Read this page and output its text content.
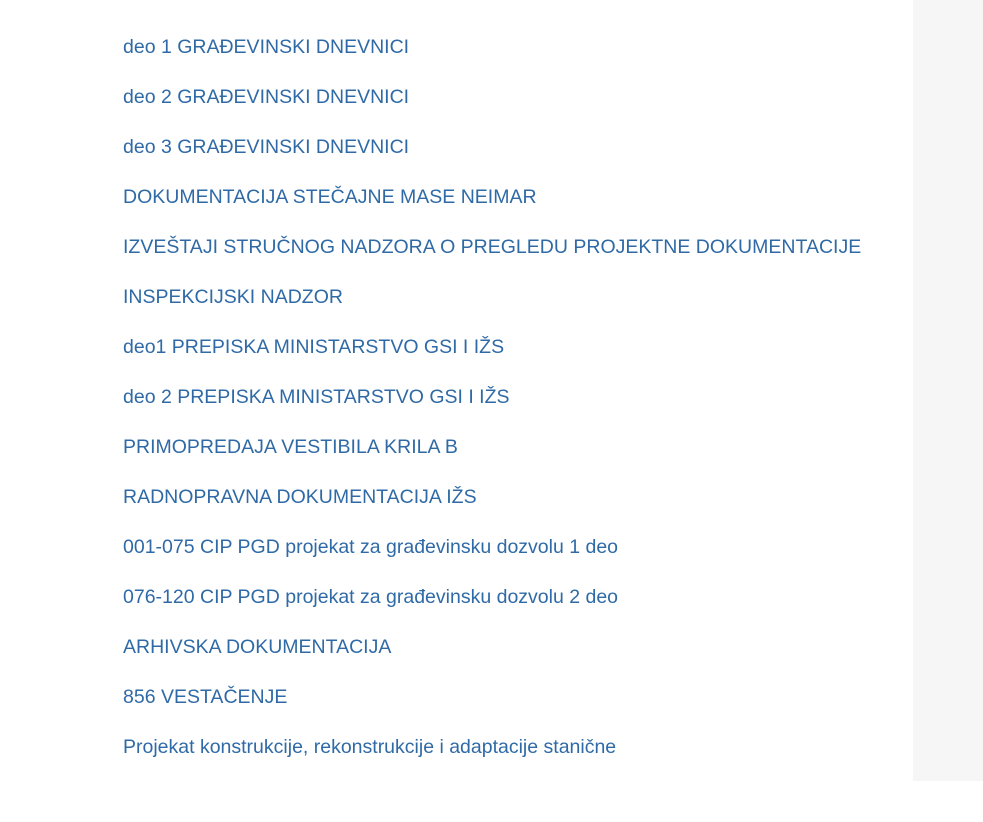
deo 1 GRAĐEVINSKI DNEVNICI
deo 2 GRAĐEVINSKI DNEVNICI
deo 3 GRAĐEVINSKI DNEVNICI
DOKUMENTACIJA STEČAJNE MASE NEIMAR
IZVEŠTAJI STRUČNOG NADZORA O PREGLEDU PROJEKTNE DOKUMENTACIJE
INSPEKCIJSKI NADZOR
deo1 PREPISKA MINISTARSTVO GSI I IŽS
deo 2 PREPISKA MINISTARSTVO GSI I IŽS
PRIMOPREDAJA VESTIBILA KRILA B
RADNOPRAVNA DOKUMENTACIJA IŽS
001-075 CIP PGD projekat za građevinsku dozvolu 1 deo
076-120 CIP PGD projekat za građevinsku dozvolu 2 deo
ARHIVSKA DOKUMENTACIJA
856 VESTAČENJE
Projekat konstrukcije, rekonstrukcije i adaptacije stanične
